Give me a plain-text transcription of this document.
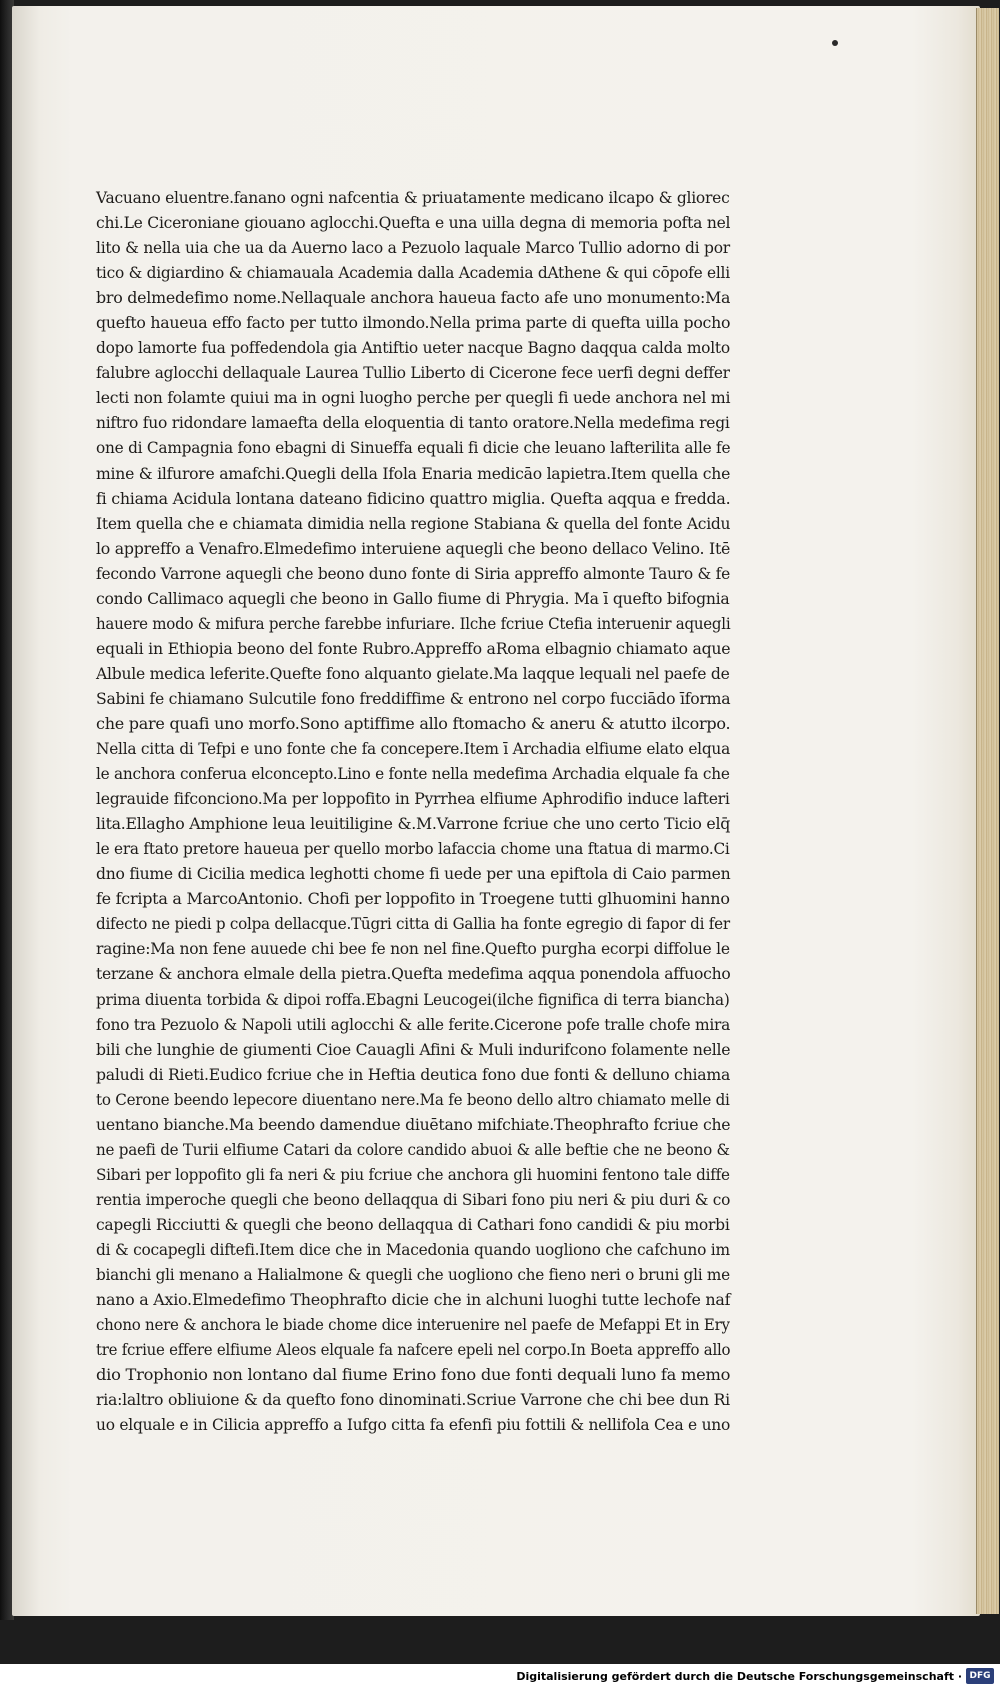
Vacuano eluentre.fanano ogni nafcentia & priuatamente medicano ilcapo & gliorec
chi.Le Ciceroniane giouano aglocchi.Quefta e una uilla degna di memoria pofta nel
lito & nella uia che ua da Auerno laco a Pezuolo laquale Marco Tullio adorno di por
tico & digiardino & chiamauala Academia dalla Academia dAthene & qui cōpofe elli
bro delmedefimo nome.Nellaquale anchora haueua facto afe uno monumento:Ma
quefto haueua effo facto per tutto ilmondo.Nella prima parte di quefta uilla pocho
dopo lamorte fua poffedendola gia Antiftio ueter nacque Bagno daqqua calda molto
falubre aglocchi dellaquale Laurea Tullio Liberto di Cicerone fece uerfi degni deffer
lecti non folamte quiui ma in ogni luogho perche per quegli fi uede anchora nel mi
niftro fuo ridondare lamaefta della eloquentia di tanto oratore.Nella medefima regi
one di Campagnia fono ebagni di Sinueffa equali fi dicie che leuano lafterilita alle fe
mine & ilfurore amafchi.Quegli della Ifola Enaria medicāo lapietra.Item quella che
fi chiama Acidula lontana dateano fidicino quattro miglia. Quefta aqqua e fredda.
Item quella che e chiamata dimidia nella regione Stabiana & quella del fonte Acidu
lo appreffo a Venafro.Elmedefimo interuiene aquegli che beono dellaco Velino. Itē
fecondo Varrone aquegli che beono duno fonte di Siria appreffo almonte Tauro & fe
condo Callimaco aquegli che beono in Gallo fiume di Phrygia. Ma ī quefto bifognia
hauere modo & mifura perche farebbe infuriare. Ilche fcriue Ctefia interuenir aquegli
equali in Ethiopia beono del fonte Rubro.Appreffo aRoma elbagnio chiamato aque
Albule medica leferite.Quefte fono alquanto gielate.Ma laqque lequali nel paefe de
Sabini fe chiamano Sulcutile fono freddiffime & entrono nel corpo fucciādo īforma
che pare quafi uno morfo.Sono aptiffime allo ftomacho & aneru & atutto ilcorpo.
Nella citta di Tefpi e uno fonte che fa concepere.Item ī Archadia elfiume elato elqua
le anchora conferua elconcepto.Lino e fonte nella medefima Archadia elquale fa che
legrauide fifconciono.Ma per loppofito in Pyrrhea elfiume Aphrodifio induce lafteri
lita.Ellagho Amphione leua leuitiligine &.M.Varrone fcriue che uno certo Ticio elq̄
le era ftato pretore haueua per quello morbo lafaccia chome una ftatua di marmo.Ci
dno fiume di Cicilia medica leghotti chome fi uede per una epiftola di Caio parmen
fe fcripta a MarcoAntonio. Chofi per loppofito in Troegene tutti glhuomini hanno
difecto ne piedi p colpa dellacque.Tūgri citta di Gallia ha fonte egregio di fapor di fer
ragine:Ma non fene auuede chi bee fe non nel fine.Quefto purgha ecorpi diffolue le
terzane & anchora elmale della pietra.Quefta medefima aqqua ponendola affuocho
prima diuenta torbida & dipoi roffa.Ebagni Leucogei(ilche fignifica di terra biancha)
fono tra Pezuolo & Napoli utili aglocchi & alle ferite.Cicerone pofe tralle chofe mira
bili che lunghie de giumenti Cioe Cauagli Afini & Muli indurifcono folamente nelle
paludi di Rieti.Eudico fcriue che in Heftia deutica fono due fonti & delluno chiama
to Cerone beendo lepecore diuentano nere.Ma fe beono dello altro chiamato melle di
uentano bianche.Ma beendo damendue diuētano mifchiate.Theophrafto fcriue che
ne paefi de Turii elfiume Catari da colore candido abuoi & alle beftie che ne beono &
Sibari per loppofito gli fa neri & piu fcriue che anchora gli huomini fentono tale diffe
rentia imperoche quegli che beono dellaqqua di Sibari fono piu neri & piu duri & co
capegli Ricciutti & quegli che beono dellaqqua di Cathari fono candidi & piu morbi
di & cocapegli diftefi.Item dice che in Macedonia quando uogliono che cafchuno im
bianchi gli menano a Halialmone & quegli che uogliono che fieno neri o bruni gli me
nano a Axio.Elmedefimo Theophrafto dicie che in alchuni luoghi tutte lechofe naf
chono nere & anchora le biade chome dice interuenire nel paefe de Mefappi Et in Ery
tre fcriue effere elfiume Aleos elquale fa nafcere epeli nel corpo.In Boeta appreffo allo
dio Trophonio non lontano dal fiume Erino fono due fonti dequali luno fa memo
ria:laltro obliuione & da quefto fono dinominati.Scriue Varrone che chi bee dun Ri
uo elquale e in Cilicia appreffo a Iufgo citta fa efenfi piu fottili & nellifola Cea e uno
Digitalisierung gefördert durch die Deutsche Forschungsgemeinschaft · DFG
